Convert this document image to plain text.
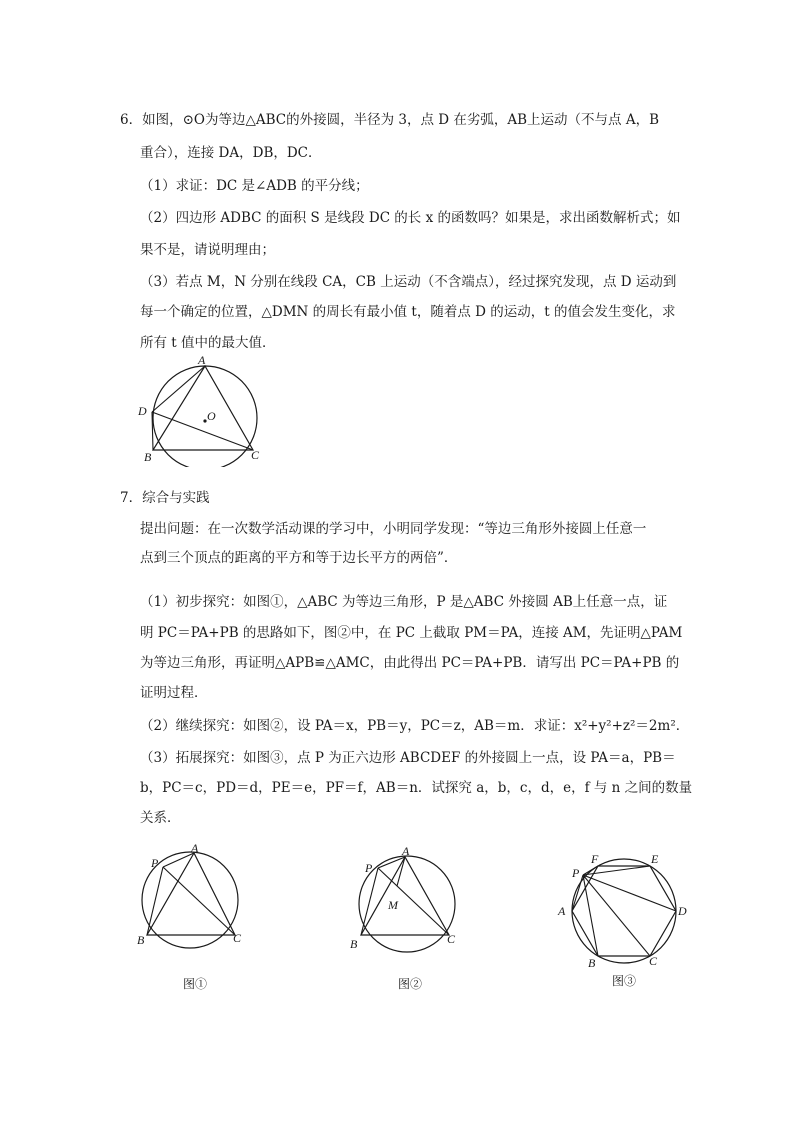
6．如图，⊙O为等边△ABC的外接圆，半径为 3，点 D 在劣弧，AB上运动（不与点 A，B
重合），连接 DA，DB，DC．
（1）求证：DC 是∠ADB 的平分线；
（2）四边形 ADBC 的面积 S 是线段 DC 的长 x 的函数吗？如果是，求出函数解析式；如
果不是，请说明理由；
（3）若点 M，N 分别在线段 CA，CB 上运动（不含端点），经过探究发现，点 D 运动到
每一个确定的位置，△DMN 的周长有最小值 t，随着点 D 的运动，t 的值会发生变化，求
所有 t 值中的最大值．
A
D	O
B	C
7．综合与实践
提出问题：在一次数学活动课的学习中，小明同学发现：“等边三角形外接圆上任意一
点到三个顶点的距离的平方和等于边长平方的两倍”．
（1）初步探究：如图①，△ABC 为等边三角形，P 是△ABC 外接圆 AB上任意一点，证
明 PC＝PA+PB 的思路如下，图②中，在 PC 上截取 PM＝PA，连接 AM，先证明△PAM
为等边三角形，再证明△APB≌△AMC，由此得出 PC＝PA+PB．请写出 PC＝PA+PB 的
证明过程．
（2）继续探究：如图②，设 PA＝x，PB＝y，PC＝z，AB＝m．求证：x²+y²+z²＝2m²．
（3）拓展探究：如图③，点 P 为正六边形 ABCDEF 的外接圆上一点，设 PA＝a，PB＝
b，PC＝c，PD＝d，PE＝e，PF＝f，AB＝n．试探究 a，b，c，d，e，f 与 n 之间的数量
关系．
P
A
B	C
图①
P
A
M
B	C
图②
F	E
P
A	D
B	C
图③
